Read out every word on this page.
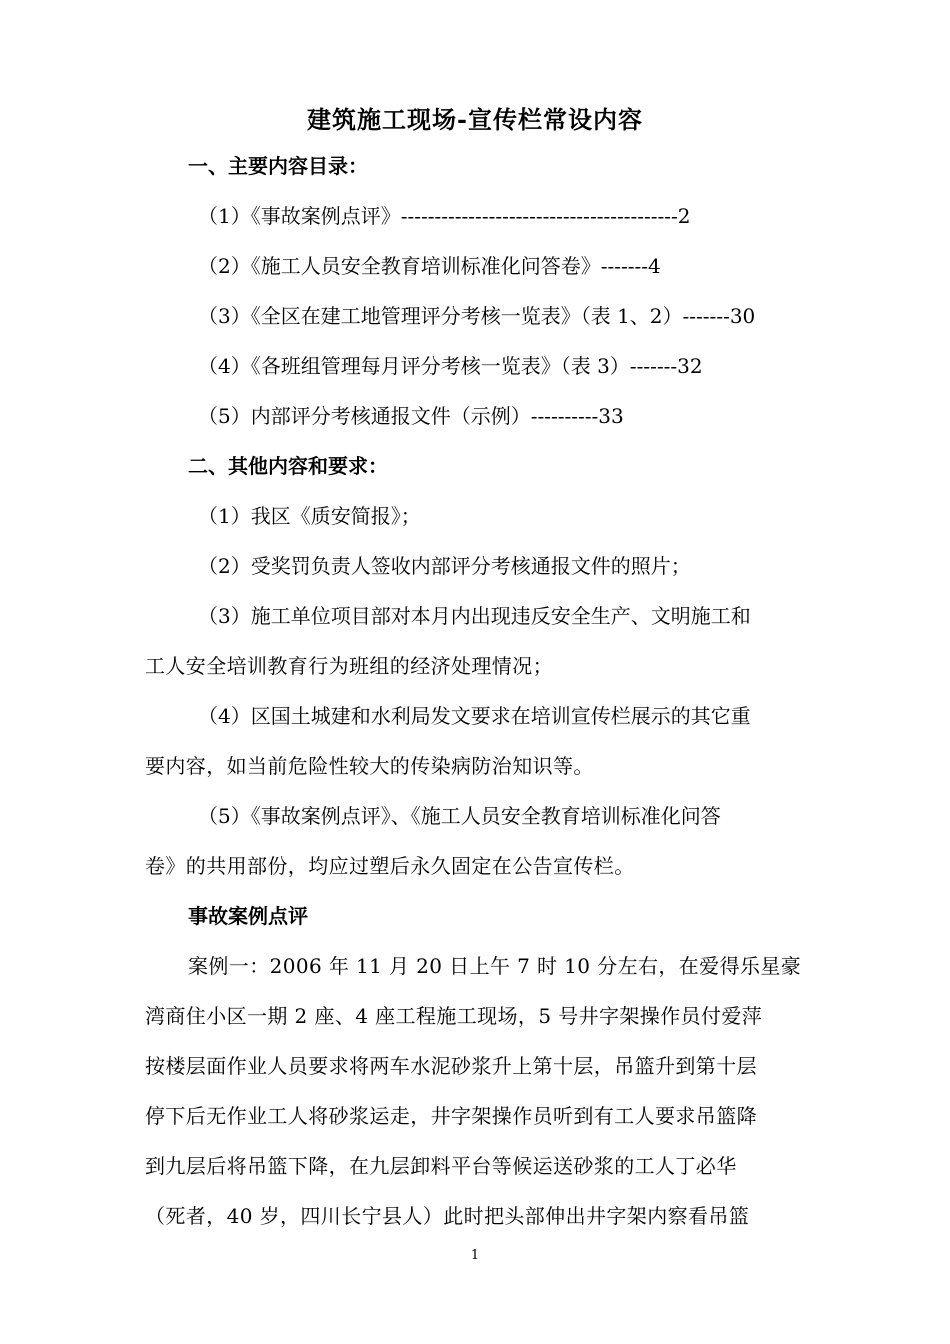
建筑施工现场-宣传栏常设内容
一、主要内容目录：
（1）《事故案例点评》-----------------------------------------2
（2）《施工人员安全教育培训标准化问答卷》-------4
（3）《全区在建工地管理评分考核一览表》（表 1、2）-------30
（4）《各班组管理每月评分考核一览表》（表 3）-------32
（5）内部评分考核通报文件（示例）----------33
二、其他内容和要求：
（1）我区《质安简报》；
（2）受奖罚负责人签收内部评分考核通报文件的照片；
（3）施工单位项目部对本月内出现违反安全生产、文明施工和
工人安全培训教育行为班组的经济处理情况；
（4）区国土城建和水利局发文要求在培训宣传栏展示的其它重
要内容，如当前危险性较大的传染病防治知识等。
（5）《事故案例点评》、《施工人员安全教育培训标准化问答
卷》的共用部份，均应过塑后永久固定在公告宣传栏。
事故案例点评
案例一：2006 年 11 月 20 日上午 7 时 10 分左右，在爱得乐星豪
湾商住小区一期 2 座、4 座工程施工现场，5 号井字架操作员付爱萍
按楼层面作业人员要求将两车水泥砂浆升上第十层，吊篮升到第十层
停下后无作业工人将砂浆运走，井字架操作员听到有工人要求吊篮降
到九层后将吊篮下降，在九层卸料平台等候运送砂浆的工人丁必华
（死者，40 岁，四川长宁县人）此时把头部伸出井字架内察看吊篮
1
